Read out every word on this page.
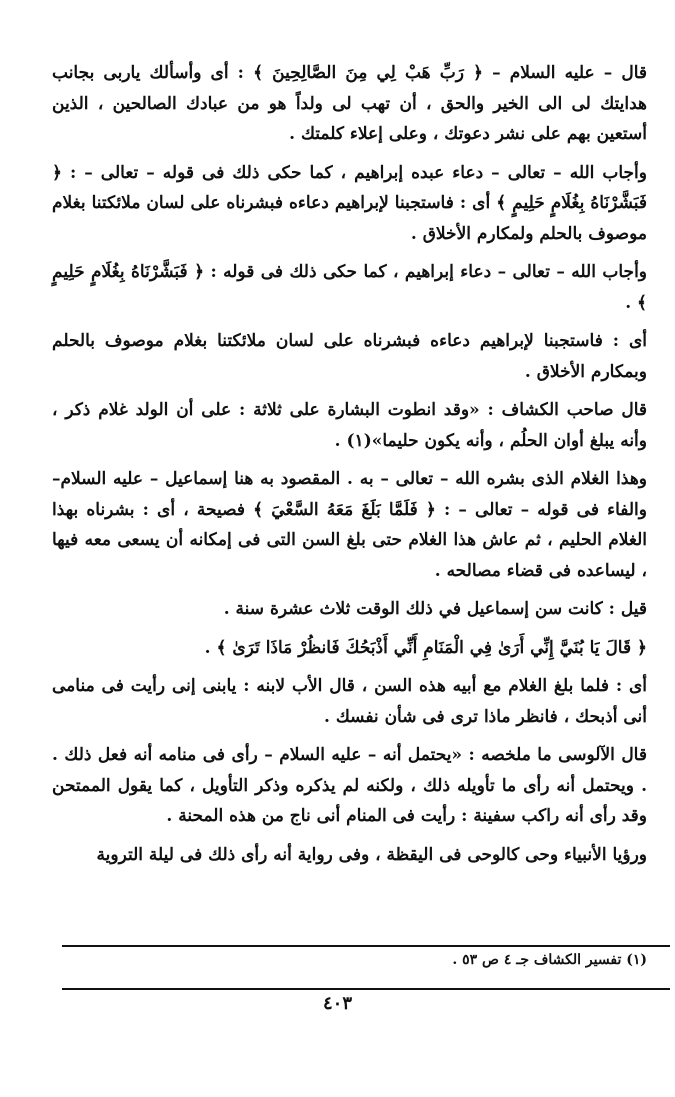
قال – عليه السلام – ﴿ رَبِّ هَبْ لِي مِنَ الصَّالِحِينَ ﴾ : أى وأسألك ياربى بجانب هدايتك لى الى الخير والحق ، أن تهب لى ولداً هو من عبادك الصالحين ، الذين أستعين بهم على نشر دعوتك ، وعلى إعلاء كلمتك .

وأجاب الله – تعالى – دعاء عبده إبراهيم ، كما حكى ذلك فى قوله – تعالى – : ﴿ فَبَشَّرْنَاهُ بِغُلَامٍ حَلِيمٍ ﴾ أى : فاستجبنا لإبراهيم دعاءه فبشرناه على لسان ملائكتنا بغلام موصوف بالحلم ولمكارم الأخلاق .

وأجاب الله – تعالى – دعاء إبراهيم ، كما حكى ذلك فى قوله : ﴿ فَبَشَّرْنَاهُ بِغُلَامٍ حَلِيمٍ ﴾ .

أى : فاستجبنا لإبراهيم دعاءه فبشرناه على لسان ملائكتنا بغلام موصوف بالحلم وبمكارم الأخلاق .

قال صاحب الكشاف : «وقد انطوت البشارة على ثلاثة : على أن الولد غلام ذكر ، وأنه يبلغ أوان الحلُم ، وأنه يكون حليما»(١) .

وهذا الغلام الذى بشره الله – تعالى – به . المقصود به هنا إسماعيل – عليه السلام– والفاء فى قوله – تعالى – : ﴿ فَلَمَّا بَلَغَ مَعَهُ السَّعْيَ ﴾ فصيحة ، أى : بشرناه بهذا الغلام الحليم ، ثم عاش هذا الغلام حتى بلغ السن التى فى إمكانه أن يسعى معه فيها ، ليساعده فى قضاء مصالحه .

قيل : كانت سن إسماعيل في ذلك الوقت ثلاث عشرة سنة .

﴿ قَالَ يَا بُنَيَّ إِنِّي أَرَىٰ فِي الْمَنَامِ أَنِّي أَذْبَحُكَ فَانظُرْ مَاذَا تَرَىٰ ﴾ .

أى : فلما بلغ الغلام مع أبيه هذه السن ، قال الأب لابنه : يابنى إنى رأيت فى منامى أنى أذبحك ، فانظر ماذا ترى فى شأن نفسك .

قال الآلوسى ما ملخصه : «يحتمل أنه – عليه السلام – رأى فى منامه أنه فعل ذلك . . ويحتمل أنه رأى ما تأويله ذلك ، ولكنه لم يذكره وذكر التأويل ، كما يقول الممتحن وقد رأى أنه راكب سفينة : رأيت فى المنام أنى ناج من هذه المحنة .

ورؤيا الأنبياء وحى كالوحى فى اليقظة ، وفى رواية أنه رأى ذلك فى ليلة التروية

(١) تفسير الكشاف جـ ٤ ص ٥٣ .
٤٠٣
